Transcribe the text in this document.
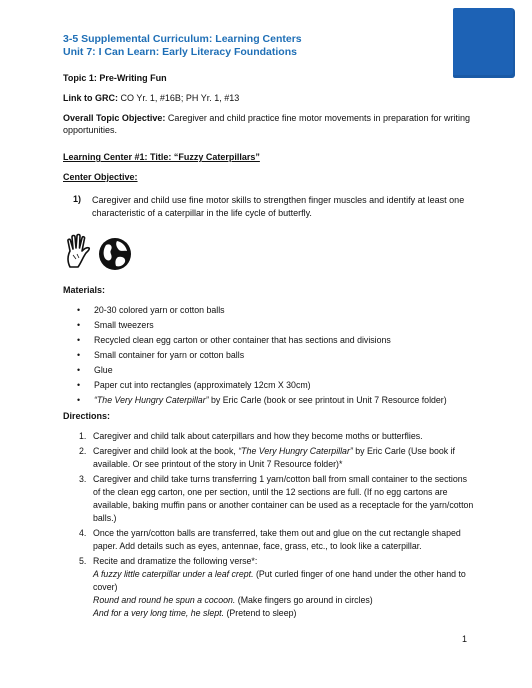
3-5 Supplemental Curriculum: Learning Centers
Unit 7: I Can Learn: Early Literacy Foundations
Topic 1: Pre-Writing Fun
Link to GRC: CO Yr. 1, #16B; PH Yr. 1, #13
Overall Topic Objective: Caregiver and child practice fine motor movements in preparation for writing opportunities.
Learning Center #1: Title: “Fuzzy Caterpillars”
Center Objective:
1) Caregiver and child use fine motor skills to strengthen finger muscles and identify at least one characteristic of a caterpillar in the life cycle of butterfly.
Materials:
• 20-30 colored yarn or cotton balls
• Small tweezers
• Recycled clean egg carton or other container that has sections and divisions
• Small container for yarn or cotton balls
• Glue
• Paper cut into rectangles (approximately 12cm X 30cm)
• “The Very Hungry Caterpillar” by Eric Carle (book or see printout in Unit 7 Resource folder)
Directions:
1. Caregiver and child talk about caterpillars and how they become moths or butterflies.
2. Caregiver and child look at the book, “The Very Hungry Caterpillar” by Eric Carle (Use book if available. Or see printout of the story in Unit 7 Resource folder)*
3. Caregiver and child take turns transferring 1 yarn/cotton ball from small container to the sections of the clean egg carton, one per section, until the 12 sections are full. (If no egg cartons are available, baking muffin pans or another container can be used as a receptacle for the yarn/cotton balls.)
4. Once the yarn/cotton balls are transferred, take them out and glue on the cut rectangle shaped paper. Add details such as eyes, antennae, face, grass, etc., to look like a caterpillar.
5. Recite and dramatize the following verse*:
A fuzzy little caterpillar under a leaf crept. (Put curled finger of one hand under the other hand to cover)
Round and round he spun a cocoon. (Make fingers go around in circles)
And for a very long time, he slept. (Pretend to sleep)
1
